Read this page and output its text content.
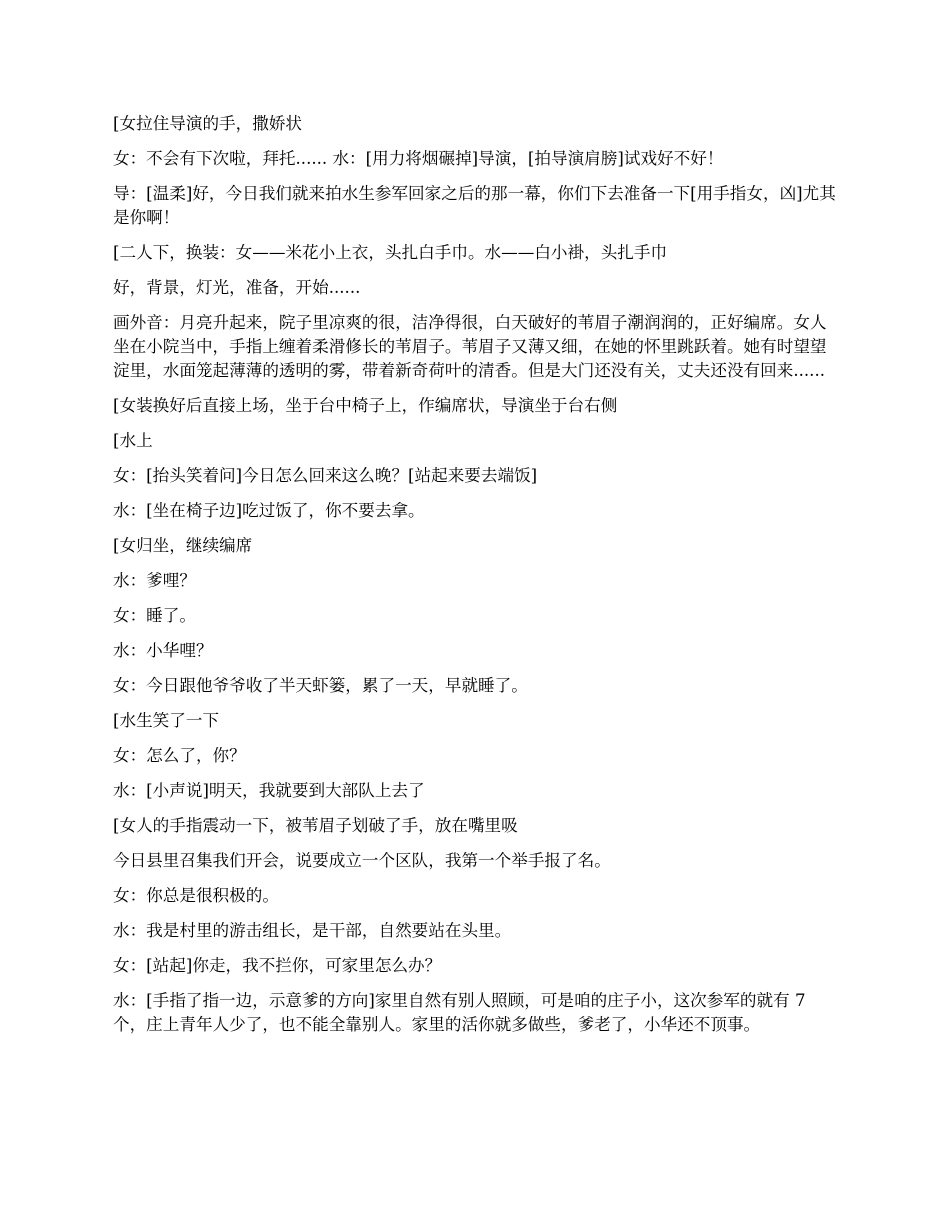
[女拉住导演的手，撒娇状

女：不会有下次啦，拜托...... 水：[用力将烟碾掉]导演，[拍导演肩膀]试戏好不好！

导：[温柔]好，今日我们就来拍水生参军回家之后的那一幕，你们下去准备一下[用手指女，凶]尤其是你啊！

[二人下，换装：女——米花小上衣，头扎白手巾。水——白小褂，头扎手巾

好，背景，灯光，准备，开始......

画外音：月亮升起来，院子里凉爽的很，洁净得很，白天破好的苇眉子潮润润的，正好编席。女人坐在小院当中，手指上缠着柔滑修长的苇眉子。苇眉子又薄又细，在她的怀里跳跃着。她有时望望淀里，水面笼起薄薄的透明的雾，带着新奇荷叶的清香。但是大门还没有关，丈夫还没有回来......

[女装换好后直接上场，坐于台中椅子上，作编席状，导演坐于台右侧

[水上

女：[抬头笑着问]今日怎么回来这么晚？[站起来要去端饭]

水：[坐在椅子边]吃过饭了，你不要去拿。

[女归坐，继续编席

水：爹哩？

女：睡了。

水：小华哩？

女：今日跟他爷爷收了半天虾篓，累了一天，早就睡了。

[水生笑了一下

女：怎么了，你？

水：[小声说]明天，我就要到大部队上去了

[女人的手指震动一下，被苇眉子划破了手，放在嘴里吸

今日县里召集我们开会，说要成立一个区队，我第一个举手报了名。

女：你总是很积极的。

水：我是村里的游击组长，是干部，自然要站在头里。

女：[站起]你走，我不拦你，可家里怎么办？

水：[手指了指一边，示意爹的方向]家里自然有别人照顾，可是咱的庄子小，这次参军的就有 7 个，庄上青年人少了，也不能全靠别人。家里的活你就多做些，爹老了，小华还不顶事。
